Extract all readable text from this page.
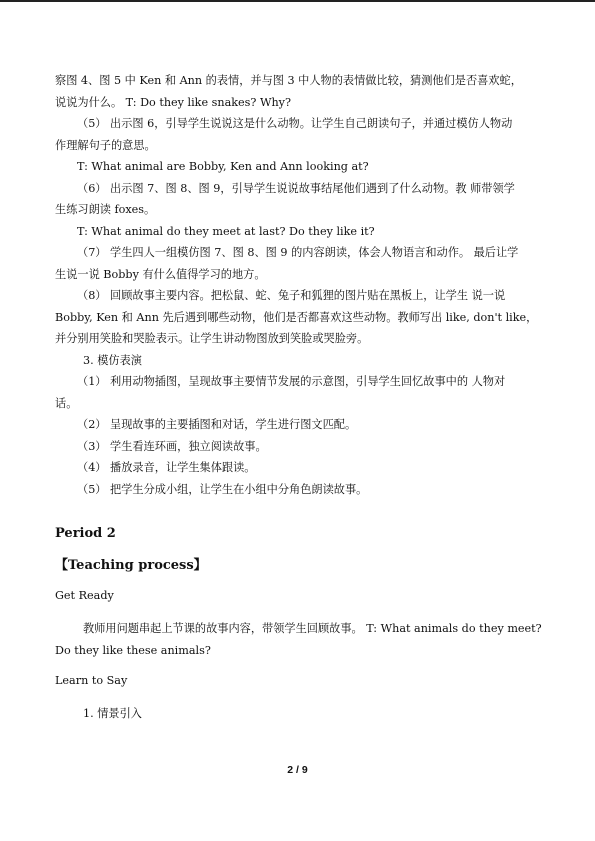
察图 4、图 5 中 Ken 和 Ann 的表情，并与图 3 中人物的表情做比较，猜测他们是否喜欢蛇，
说说为什么。 T: Do they like snakes? Why?
（5） 出示图 6，引导学生说说这是什么动物。让学生自己朗读句子，并通过模仿人物动
作理解句子的意思。
T: What animal are Bobby, Ken and Ann looking at?
（6） 出示图 7、图 8、图 9，引导学生说说故事结尾他们遇到了什么动物。教 师带领学
生练习朗读 foxes。
T: What animal do they meet at last? Do they like it?
（7） 学生四人一组模仿图 7、图 8、图 9 的内容朗读，体会人物语言和动作。 最后让学
生说一说 Bobby 有什么值得学习的地方。
（8） 回顾故事主要内容。把松鼠、蛇、兔子和狐狸的图片贴在黑板上，让学生 说一说
Bobby, Ken 和 Ann 先后遇到哪些动物，他们是否都喜欢这些动物。教师写出 like, don't like，
并分别用笑脸和哭脸表示。让学生讲动物图放到笑脸或哭脸旁。
3. 模仿表演
（1） 利用动物插图，呈现故事主要情节发展的示意图，引导学生回忆故事中的 人物对
话。
（2） 呈现故事的主要插图和对话，学生进行图文匹配。
（3） 学生看连环画，独立阅读故事。
（4） 播放录音，让学生集体跟读。
（5） 把学生分成小组，让学生在小组中分角色朗读故事。
Period 2
【Teaching process】
Get Ready
教师用问题串起上节课的故事内容，带领学生回顾故事。 T: What animals do they meet?
Do they like these animals?
Learn to Say
1. 情景引入
2 / 9
